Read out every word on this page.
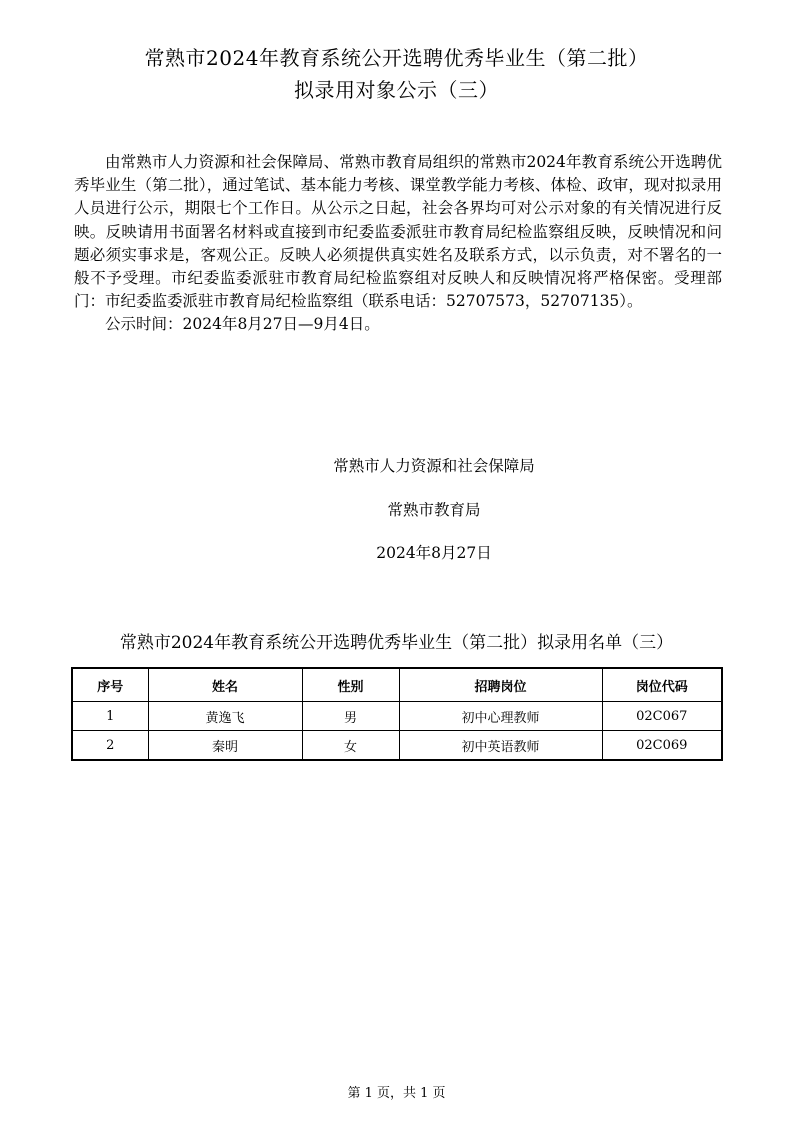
常熟市2024年教育系统公开选聘优秀毕业生（第二批）
拟录用对象公示（三）

由常熟市人力资源和社会保障局、常熟市教育局组织的常熟市2024年教育系统公开选聘优秀毕业生（第二批），通过笔试、基本能力考核、课堂教学能力考核、体检、政审，现对拟录用人员进行公示，期限七个工作日。从公示之日起，社会各界均可对公示对象的有关情况进行反映。反映请用书面署名材料或直接到市纪委监委派驻市教育局纪检监察组反映，反映情况和问题必须实事求是，客观公正。反映人必须提供真实姓名及联系方式，以示负责，对不署名的一般不予受理。市纪委监委派驻市教育局纪检监察组对反映人和反映情况将严格保密。受理部门：市纪委监委派驻市教育局纪检监察组（联系电话：52707573，52707135）。

公示时间：2024年8月27日—9月4日。

常熟市人力资源和社会保障局
常熟市教育局
2024年8月27日
常熟市2024年教育系统公开选聘优秀毕业生（第二批）拟录用名单（三）
序号	姓名	性别	招聘岗位	岗位代码
1	黄逸飞	男	初中心理教师	02C067
2	秦明	女	初中英语教师	02C069
第 1 页，共 1 页
